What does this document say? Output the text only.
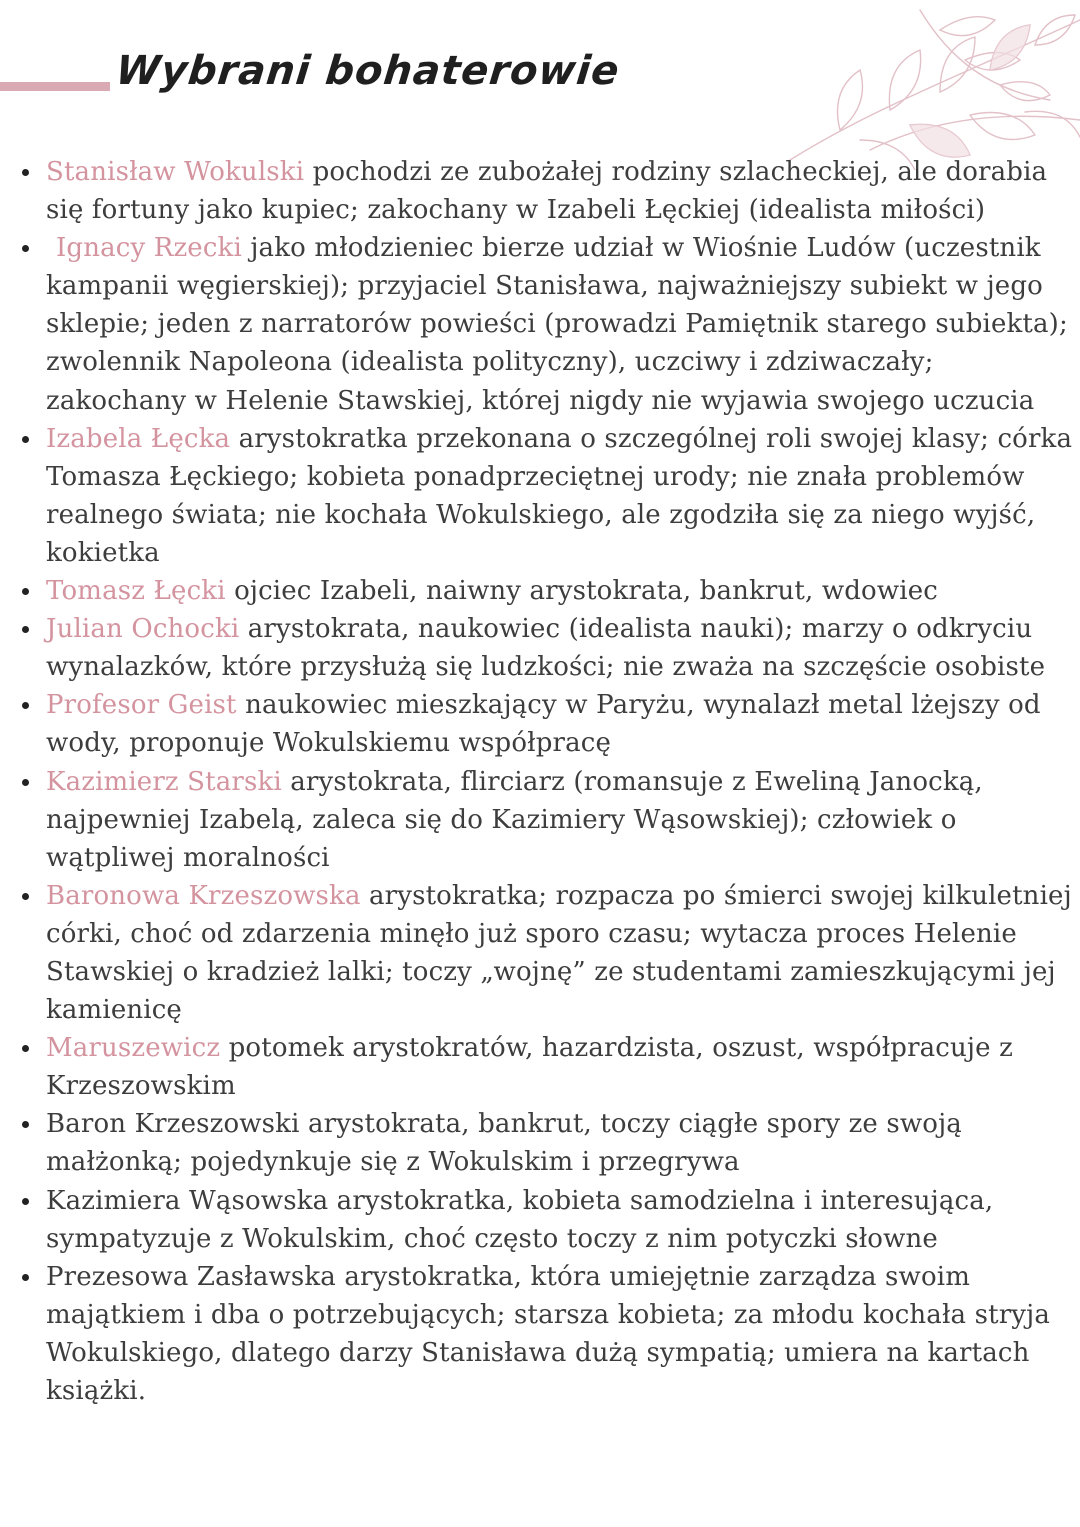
Wybrani bohaterowie
Stanisław Wokulski pochodzi ze zubożałej rodziny szlacheckiej, ale dorabia się fortuny jako kupiec; zakochany w Izabeli Łęckiej (idealista miłości)
Ignacy Rzecki jako młodzieniec bierze udział w Wiośnie Ludów (uczestnik kampanii węgierskiej); przyjaciel Stanisława, najważniejszy subiekt w jego sklepie; jeden z narratorów powieści (prowadzi Pamiętnik starego subiekta); zwolennik Napoleona (idealista polityczny), uczciwy i zdziwaczały; zakochany w Helenie Stawskiej, której nigdy nie wyjawia swojego uczucia
Izabela Łęcka arystokratka przekonana o szczególnej roli swojej klasy; córka Tomasza Łęckiego; kobieta ponadprzeciętnej urody; nie znała problemów realnego świata; nie kochała Wokulskiego, ale zgodziła się za niego wyjść, kokietka
Tomasz Łęcki ojciec Izabeli, naiwny arystokrata, bankrut, wdowiec
Julian Ochocki arystokrata, naukowiec (idealista nauki); marzy o odkryciu wynalazków, które przysłużą się ludzkości; nie zważa na szczęście osobiste
Profesor Geist naukowiec mieszkający w Paryżu, wynalazł metal lżejszy od wody, proponuje Wokulskiemu współpracę
Kazimierz Starski arystokrata, flirciarz (romansuje z Eweliną Janocką, najpewniej Izabelą, zaleca się do Kazimiery Wąsowskiej); człowiek o wątpliwej moralności
Baronowa Krzeszowska arystokratka; rozpacza po śmierci swojej kilkuletniej córki, choć od zdarzenia minęło już sporo czasu; wytacza proces Helenie Stawskiej o kradzież lalki; toczy „wojnę” ze studentami zamieszkującymi jej kamienicę
Maruszewicz potomek arystokratów, hazardzista, oszust, współpracuje z Krzeszowskim
Baron Krzeszowski arystokrata, bankrut, toczy ciągłe spory ze swoją małżonką; pojedynkuje się z Wokulskim i przegrywa
Kazimiera Wąsowska arystokratka, kobieta samodzielna i interesująca, sympatyzuje z Wokulskim, choć często toczy z nim potyczki słowne
Prezesowa Zasławska arystokratka, która umiejętnie zarządza swoim majątkiem i dba o potrzebujących; starsza kobieta; za młodu kochała stryja Wokulskiego, dlatego darzy Stanisława dużą sympatią; umiera na kartach książki.
